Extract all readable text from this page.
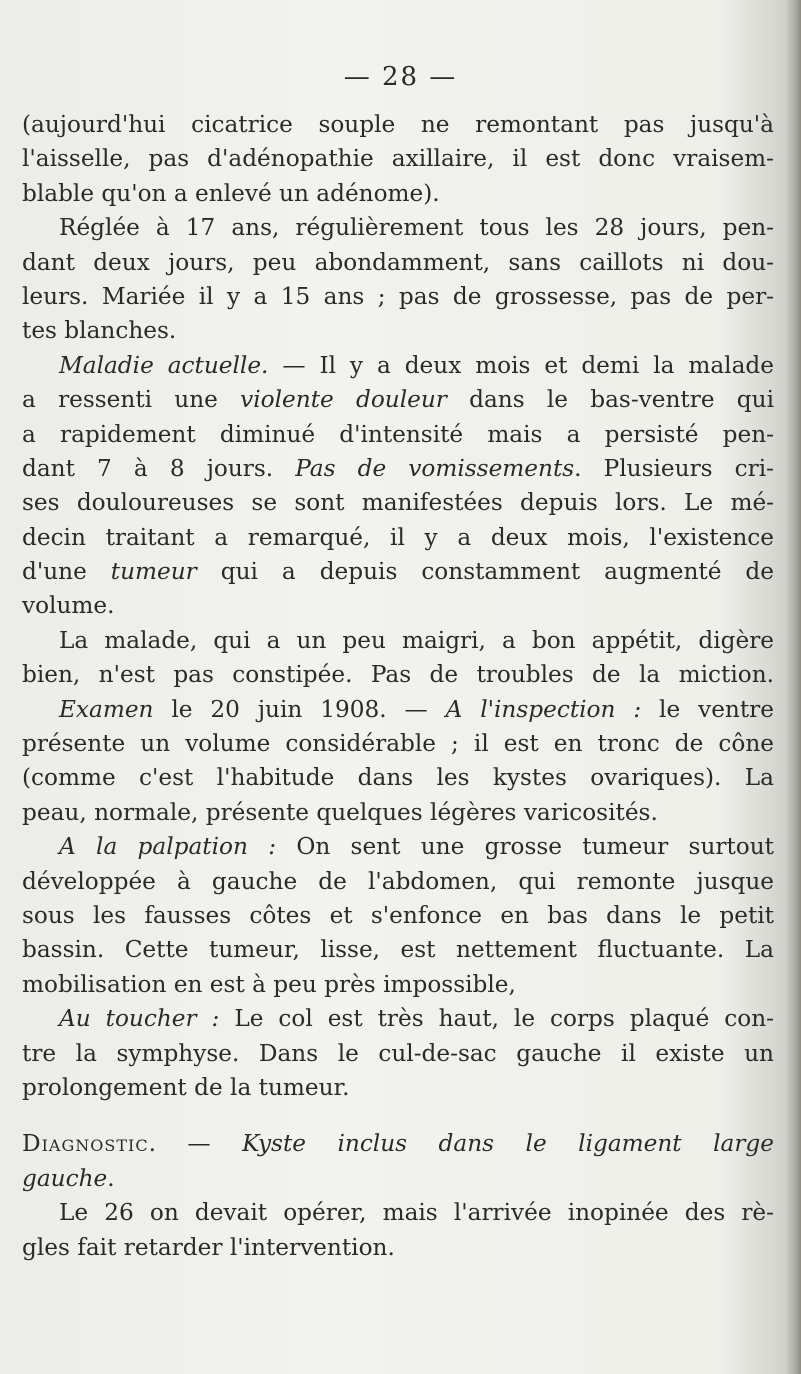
— 28 —
(aujourd'hui cicatrice souple ne remontant pas jusqu'à
l'aisselle, pas d'adénopathie axillaire, il est donc vraisem-
blable qu'on a enlevé un adénome).
Réglée à 17 ans, régulièrement tous les 28 jours, pen-
dant deux jours, peu abondamment, sans caillots ni dou-
leurs. Mariée il y a 15 ans ; pas de grossesse, pas de per-
tes blanches.
Maladie actuelle. — Il y a deux mois et demi la malade
a ressenti une violente douleur dans le bas-ventre qui
a rapidement diminué d'intensité mais a persisté pen-
dant 7 à 8 jours. Pas de vomissements. Plusieurs cri-
ses douloureuses se sont manifestées depuis lors. Le mé-
decin traitant a remarqué, il y a deux mois, l'existence
d'une tumeur qui a depuis constamment augmenté de
volume.
La malade, qui a un peu maigri, a bon appétit, digère
bien, n'est pas constipée. Pas de troubles de la miction.
Examen le 20 juin 1908. — A l'inspection : le ventre
présente un volume considérable ; il est en tronc de cône
(comme c'est l'habitude dans les kystes ovariques). La
peau, normale, présente quelques légères varicosités.
A la palpation : On sent une grosse tumeur surtout
développée à gauche de l'abdomen, qui remonte jusque
sous les fausses côtes et s'enfonce en bas dans le petit
bassin. Cette tumeur, lisse, est nettement fluctuante. La
mobilisation en est à peu près impossible,
Au toucher : Le col est très haut, le corps plaqué con-
tre la symphyse. Dans le cul-de-sac gauche il existe un
prolongement de la tumeur.
Diagnostic. — Kyste inclus dans le ligament large
gauche.
Le 26 on devait opérer, mais l'arrivée inopinée des rè-
gles fait retarder l'intervention.
